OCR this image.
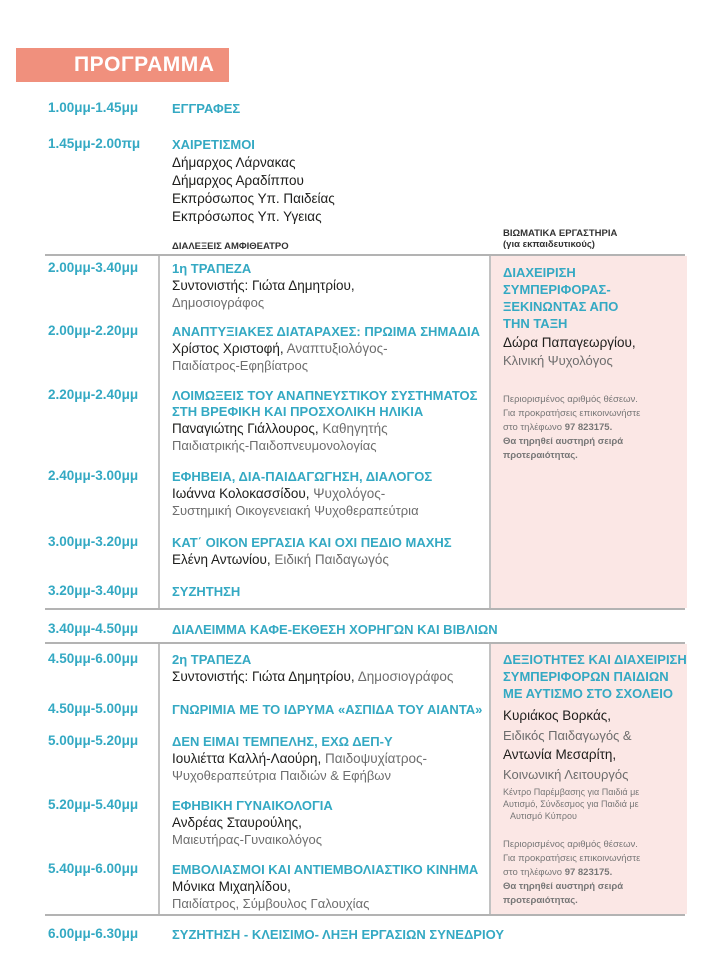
ΠΡΟΓΡΑΜΜΑ
1.00μμ-1.45μμ	ΕΓΓΡΑΦΕΣ
1.45μμ-2.00πμ ΧΑΙΡΕΤΙΣΜΟΙ
Δήμαρχος Λάρνακας
Δήμαρχος Αραδίππου
Εκπρόσωπος Υπ. Παιδείας
Εκπρόσωπος Υπ. Υγειας
ΔΙΑΛΕΞΕΙΣ ΑΜΦΙΘΕΑΤΡΟ
ΒΙΩΜΑΤΙΚΑ ΕΡΓΑΣΤΗΡΙΑ
(για εκπαιδευτικούς)
2.00μμ-3.40μμ	1η ΤΡΑΠΕΖΑ
Συντονιστής: Γιώτα Δημητρίου,
Δημοσιογράφος
2.00μμ-2.20μμ	ΑΝΑΠΤΥΞΙΑΚΕΣ ΔΙΑΤΑΡΑΧΕΣ: ΠΡΩΙΜΑ ΣΗΜΑΔΙΑ
Χρίστος Χριστοφή, Αναπτυξιολόγος-
Παιδίατρος-Εφηβίατρος
2.20μμ-2.40μμ	ΛΟΙΜΩΞΕΙΣ ΤΟΥ ΑΝΑΠΝΕΥΣΤΙΚΟΥ ΣΥΣΤΗΜΑΤΟΣ
ΣΤΗ ΒΡΕΦΙΚΗ ΚΑΙ ΠΡΟΣΧΟΛΙΚΗ ΗΛΙΚΙΑ
Παναγιώτης Γιάλλουρος, Καθηγητής
Παιδιατρικής-Παιδοπνευμονολογίας
2.40μμ-3.00μμ	ΕΦΗΒΕΙΑ, ΔΙΑ-ΠΑΙΔΑΓΩΓΗΣΗ, ΔΙΑΛΟΓΟΣ
Ιωάννα Κολοκασσίδου, Ψυχολόγος-
Συστημική Οικογενειακή Ψυχοθεραπεύτρια
3.00μμ-3.20μμ	ΚΑΤ΄ ΟΙΚΟΝ ΕΡΓΑΣΙΑ ΚΑΙ ΟΧΙ ΠΕΔΙΟ ΜΑΧΗΣ
Ελένη Αντωνίου, Ειδική Παιδαγωγός
3.20μμ-3.40μμ	ΣΥΖΗΤΗΣΗ
ΔΙΑΧΕΙΡΙΣΗ
ΣΥΜΠΕΡΙΦΟΡΑΣ-
ΞΕΚΙΝΩΝΤΑΣ ΑΠΟ
ΤΗΝ ΤΑΞΗ
Δώρα Παπαγεωργίου,
Κλινική Ψυχολόγος
Περιορισμένος αριθμός θέσεων.
Για προκρατήσεις επικοινωνήστε
στο τηλέφωνο 97 823175.
Θα τηρηθεί αυστηρή σειρά
προτεραιότητας.
3.40μμ-4.50μμ	ΔΙΑΛΕΙΜΜΑ ΚΑΦΕ-ΕΚΘΕΣΗ ΧΟΡΗΓΩΝ ΚΑΙ ΒΙΒΛΙΩΝ
4.50μμ-6.00μμ	2η ΤΡΑΠΕΖΑ
Συντονιστής: Γιώτα Δημητρίου, Δημοσιογράφος
4.50μμ-5.00μμ	ΓΝΩΡΙΜΙΑ ΜΕ ΤΟ ΙΔΡΥΜΑ «ΑΣΠΙΔΑ ΤΟΥ ΑΙΑΝΤΑ»
5.00μμ-5.20μμ	ΔΕΝ ΕΙΜΑΙ ΤΕΜΠΕΛΗΣ, ΕΧΩ ΔΕΠ-Υ
Ιουλιέττα Καλλή-Λαούρη, Παιδοψυχίατρος-
Ψυχοθεραπεύτρια Παιδιών & Εφήβων
5.20μμ-5.40μμ	ΕΦΗΒΙΚΗ ΓΥΝΑΙΚΟΛΟΓΙΑ
Ανδρέας Σταυρούλης,
Μαιευτήρας-Γυναικολόγος
5.40μμ-6.00μμ	ΕΜΒΟΛΙΑΣΜΟΙ ΚΑΙ ΑΝΤΙΕΜΒΟΛΙΑΣΤΙΚΟ ΚΙΝΗΜΑ
Μόνικα Μιχαηλίδου,
Παιδίατρος, Σύμβουλος Γαλουχίας
ΔΕΞΙΟΤΗΤΕΣ ΚΑΙ ΔΙΑΧΕΙΡΙΣΗ
ΣΥΜΠΕΡΙΦΟΡΩΝ ΠΑΙΔΙΩΝ
ΜΕ ΑΥΤΙΣΜΟ ΣΤΟ ΣΧΟΛΕΙΟ
Κυριάκος Βορκάς,
Ειδικός Παιδαγωγός &
Αντωνία Μεσαρίτη,
Κοινωνική Λειτουργός
Κέντρο Παρέμβασης για Παιδιά με
Αυτισμό, Σύνδεσμος για Παιδιά με
Αυτισμό Κύπρου
Περιορισμένος αριθμός θέσεων.
Για προκρατήσεις επικοινωνήστε
στο τηλέφωνο 97 823175.
Θα τηρηθεί αυστηρή σειρά
προτεραιότητας.
6.00μμ-6.30μμ	ΣΥΖΗΤΗΣΗ - ΚΛΕΙΣΙΜΟ- ΛΗΞΗ ΕΡΓΑΣΙΩΝ ΣΥΝΕΔΡΙΟΥ
